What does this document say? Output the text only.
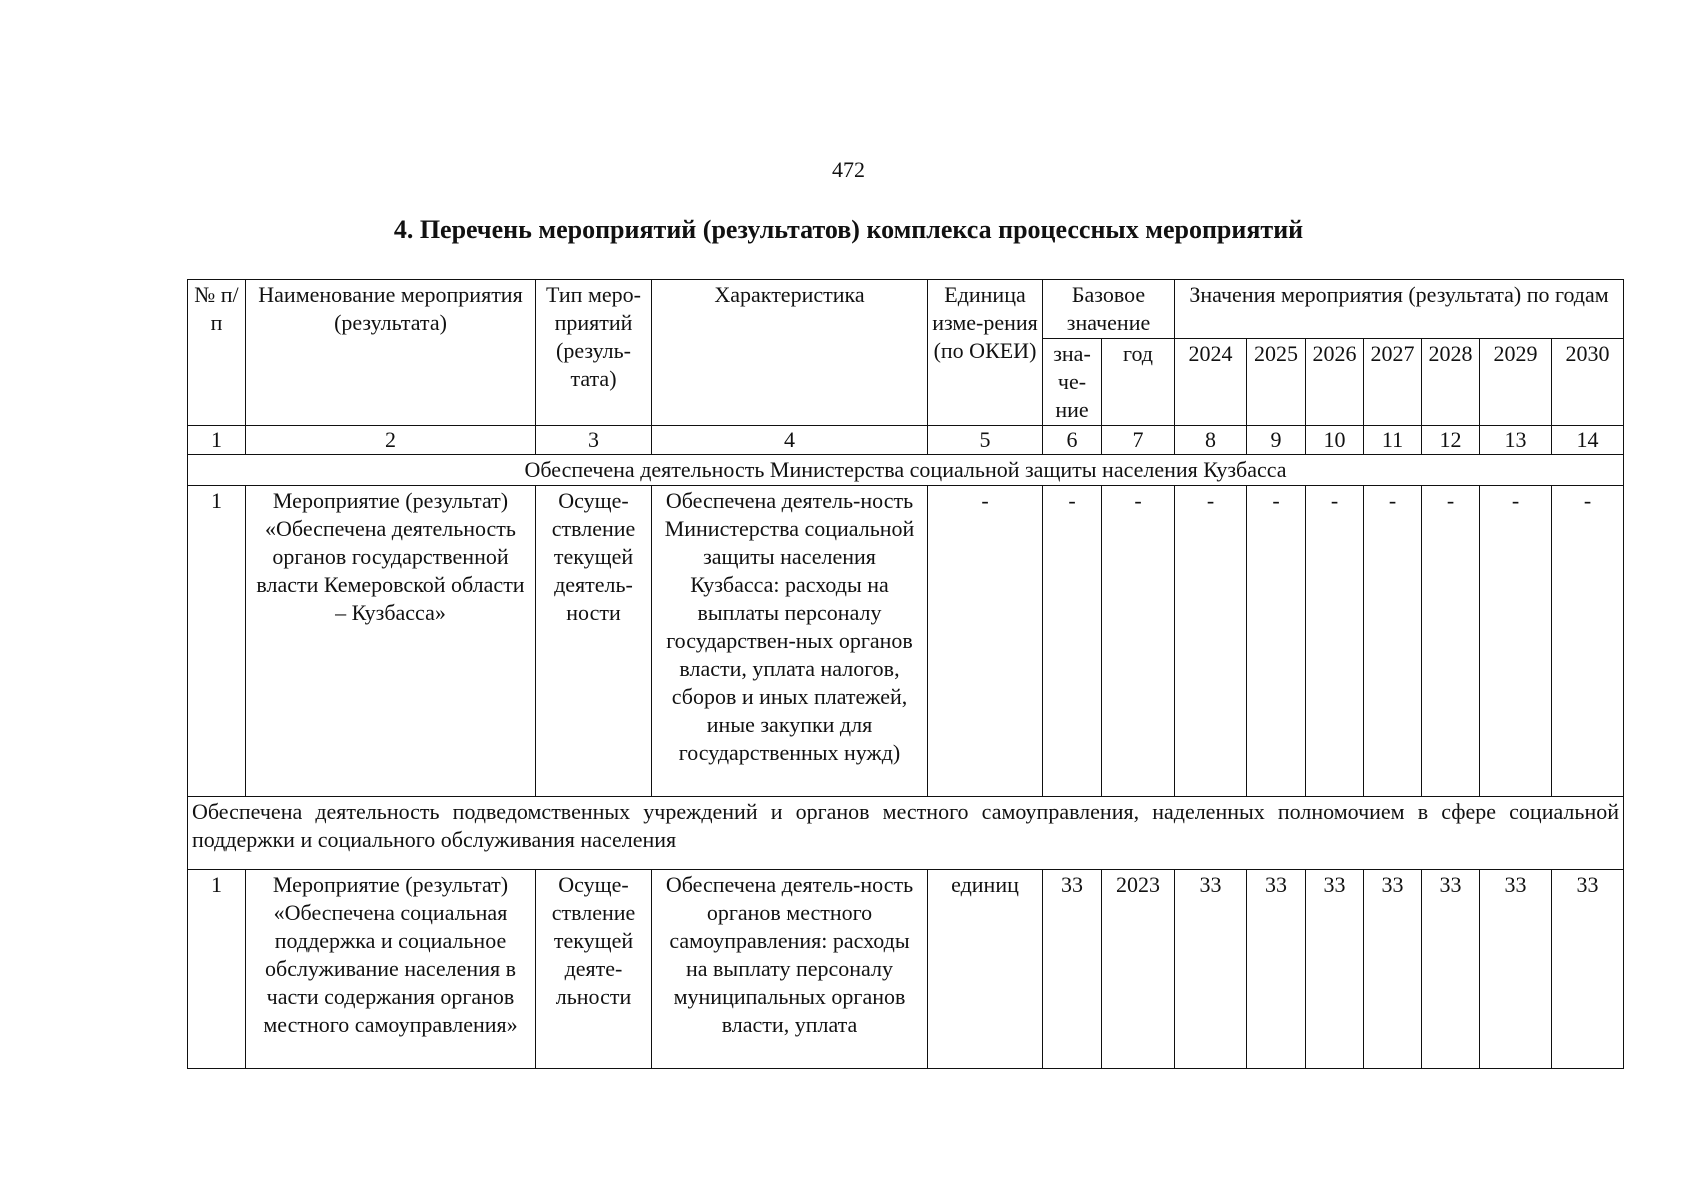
472
4. Перечень мероприятий (результатов) комплекса процессных мероприятий
№ п/п	Наименование мероприятия (результата)	Тип меро-приятий (резуль-тата)	Характеристика	Единица изме-рения (по ОКЕИ)	Базовое значение		Значения мероприятия (результата) по годам						
					зна-че-ние	год	2024	2025	2026	2027	2028	2029	2030
1	2	3	4	5	6	7	8	9	10	11	12	13	14
Обеспечена деятельность Министерства социальной защиты населения Кузбасса													
1	Мероприятие (результат) «Обеспечена деятельность органов государственной власти Кемеровской области – Кузбасса»	Осуще-ствление текущей деятель-ности	Обеспечена деятель-ность Министерства социальной защиты населения Кузбасса: расходы на выплаты персоналу государствен-ных органов власти, уплата налогов, сборов и иных платежей, иные закупки для государственных нужд)	-	-	-	-	-	-	-	-	-	-
Обеспечена деятельность подведомственных учреждений и органов местного самоуправления, наделенных полномочием в сфере социальной поддержки и социального обслуживания населения													
1	Мероприятие (результат) «Обеспечена социальная поддержка и социальное обслуживание населения в части содержания органов местного самоуправления»	Осуще-ствление текущей деяте-льности	Обеспечена деятель-ность органов местного самоуправления: расходы на выплату персоналу муниципальных органов власти, уплата	единиц	33	2023	33	33	33	33	33	33	33
